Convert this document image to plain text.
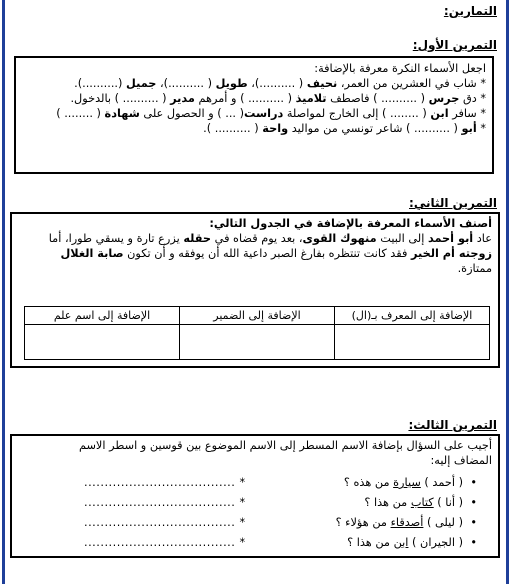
التمارين:
التمرين الأول:
اجعل الأسماء النكرة معرفة بالإضافة:
* شاب في العشرين من العمر، نحيف ( ..........)، طويل ( ..........)، جميل (..........).
* دق جرس ( .......... ) فاصطف تلاميذ ( .......... ) و أمرهم مدير ( .......... ) بالدخول.
* سافر ابن ( ........ ) إلى الخارج لمواصلة دراست( ... ) و الحصول على شهادة ( ........ )
* أبو ( .......... ) شاعر تونسي من مواليد واحة ( .......... ).
التمرين الثاني:
أصنف الأسماء المعرفة بالإضافة في الجدول التالي:
عاد أبو أحمد إلى البيت منهوك القوى، بعد يوم قضاه في حقله يزرع تارة و يسقي طورا، أما
زوجته أم الخير فقد كانت تنتظره بفارغ الصبر داعية الله أن يوفقه و أن تكون صابة الغلال
ممتازة.
الإضافة إلى المعرف بـ(ال)
الإضافة إلى الضمير
الإضافة إلى اسم علم
التمرين الثالث:
أجيب على السؤال بإضافة الاسم المسطر إلى الاسم الموضوع بين قوسين و اسطر الاسم
المضاف إليه:
•( أحمد ) سيارة من هذه ؟
..................................... *
•( أنا ) كتاب من هذا ؟
..................................... *
•( ليلى ) أصدقاء من هؤلاء ؟
..................................... *
•( الجيران ) ابن من هذا ؟
..................................... *
